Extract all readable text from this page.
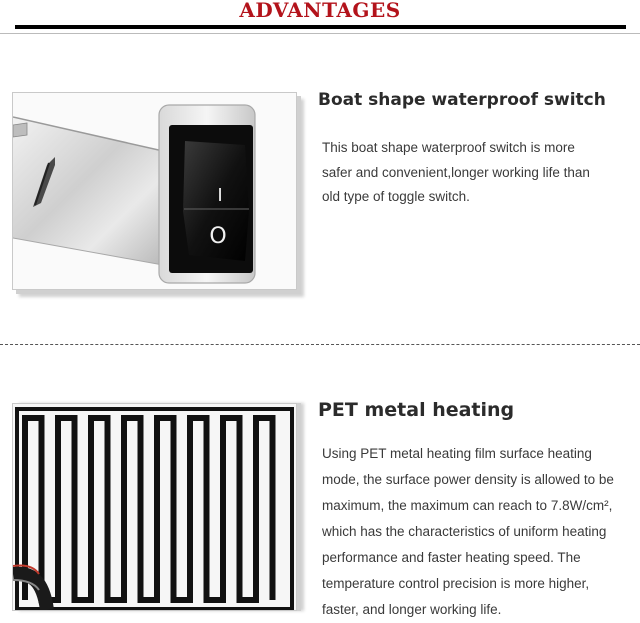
ADVANTAGES
I
O
Boat shape waterproof switch
This boat shape waterproof switch is more
safer and convenient,longer working life than
old type of toggle switch.
PET metal heating
Using PET metal heating film surface heating
mode, the surface power density is allowed to be
maximum, the maximum can reach to 7.8W/cm²,
which has the characteristics of uniform heating
performance and faster heating speed. The
temperature control precision is more higher,
faster, and longer working life.
